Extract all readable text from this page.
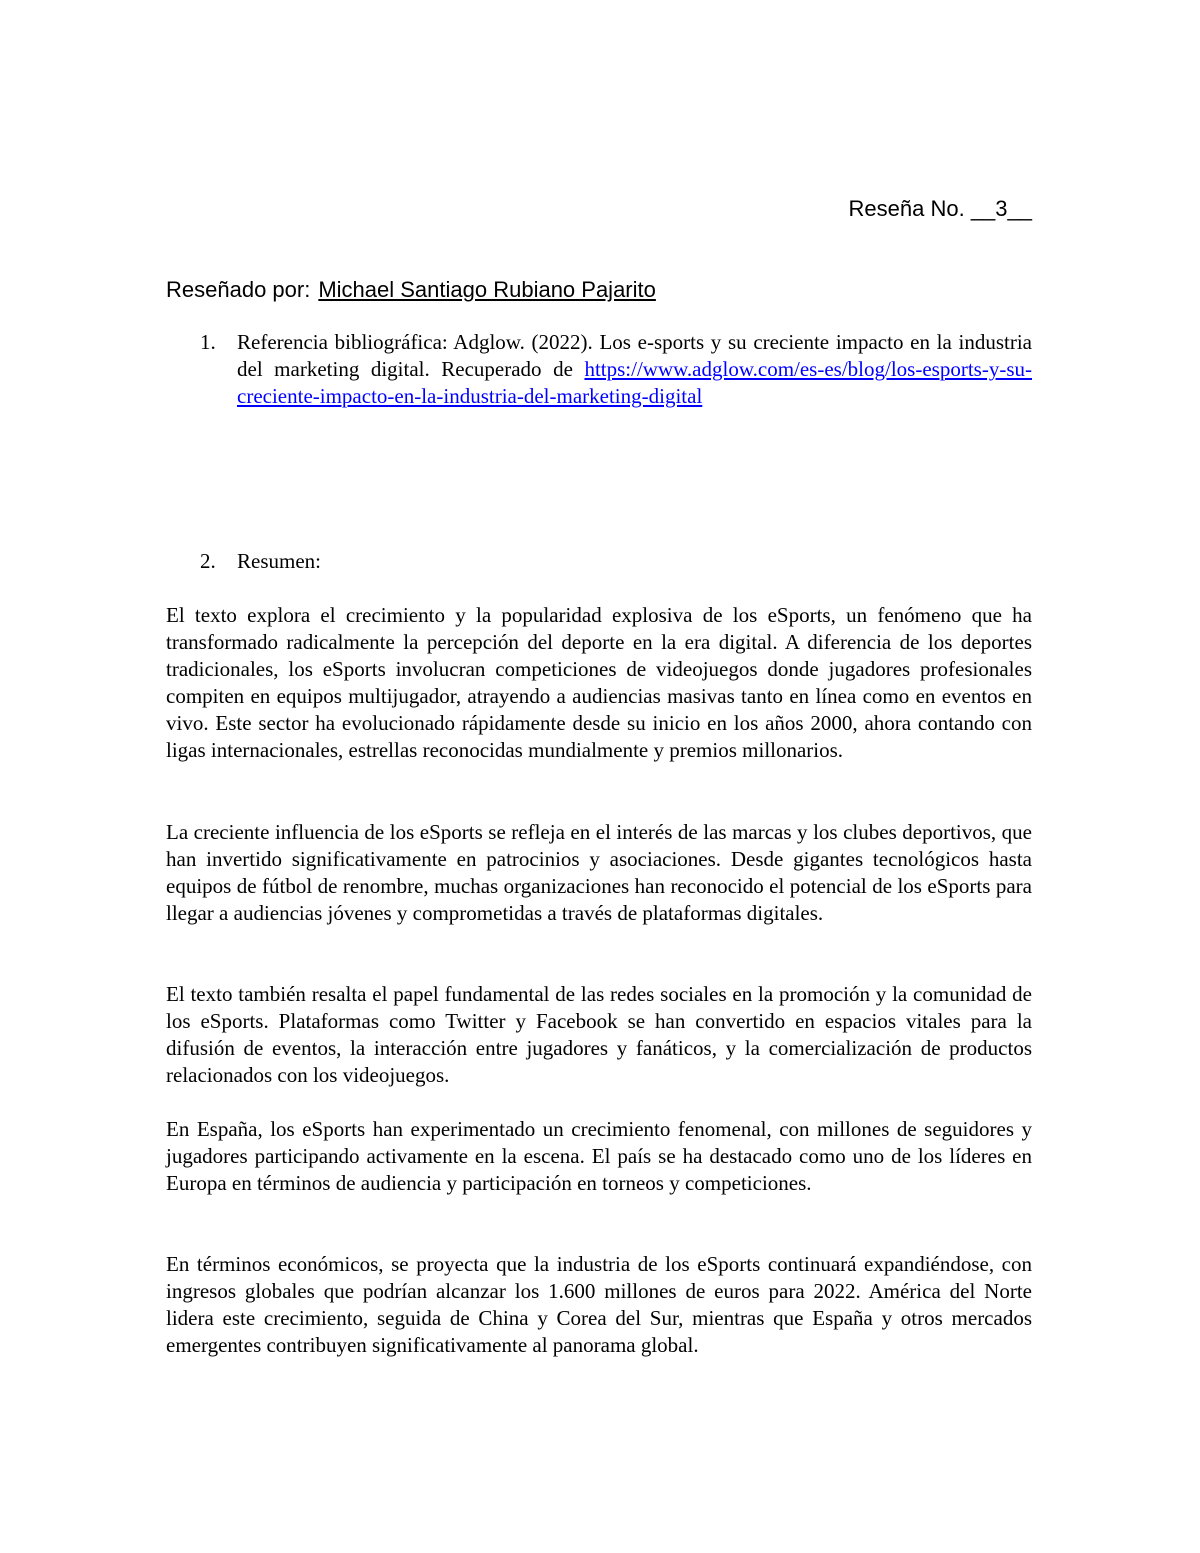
Reseña No. __3__
Reseñado por: Michael Santiago Rubiano Pajarito
1. Referencia bibliográfica: Adglow. (2022). Los e-sports y su creciente impacto en la industria del marketing digital. Recuperado de https://www.adglow.com/es-es/blog/los-esports-y-su-creciente-impacto-en-la-industria-del-marketing-digital
2. Resumen:

El texto explora el crecimiento y la popularidad explosiva de los eSports, un fenómeno que ha transformado radicalmente la percepción del deporte en la era digital. A diferencia de los deportes tradicionales, los eSports involucran competiciones de videojuegos donde jugadores profesionales compiten en equipos multijugador, atrayendo a audiencias masivas tanto en línea como en eventos en vivo. Este sector ha evolucionado rápidamente desde su inicio en los años 2000, ahora contando con ligas internacionales, estrellas reconocidas mundialmente y premios millonarios.

La creciente influencia de los eSports se refleja en el interés de las marcas y los clubes deportivos, que han invertido significativamente en patrocinios y asociaciones. Desde gigantes tecnológicos hasta equipos de fútbol de renombre, muchas organizaciones han reconocido el potencial de los eSports para llegar a audiencias jóvenes y comprometidas a través de plataformas digitales.

El texto también resalta el papel fundamental de las redes sociales en la promoción y la comunidad de los eSports. Plataformas como Twitter y Facebook se han convertido en espacios vitales para la difusión de eventos, la interacción entre jugadores y fanáticos, y la comercialización de productos relacionados con los videojuegos.

En España, los eSports han experimentado un crecimiento fenomenal, con millones de seguidores y jugadores participando activamente en la escena. El país se ha destacado como uno de los líderes en Europa en términos de audiencia y participación en torneos y competiciones.

En términos económicos, se proyecta que la industria de los eSports continuará expandiéndose, con ingresos globales que podrían alcanzar los 1.600 millones de euros para 2022. América del Norte lidera este crecimiento, seguida de China y Corea del Sur, mientras que España y otros mercados emergentes contribuyen significativamente al panorama global.
